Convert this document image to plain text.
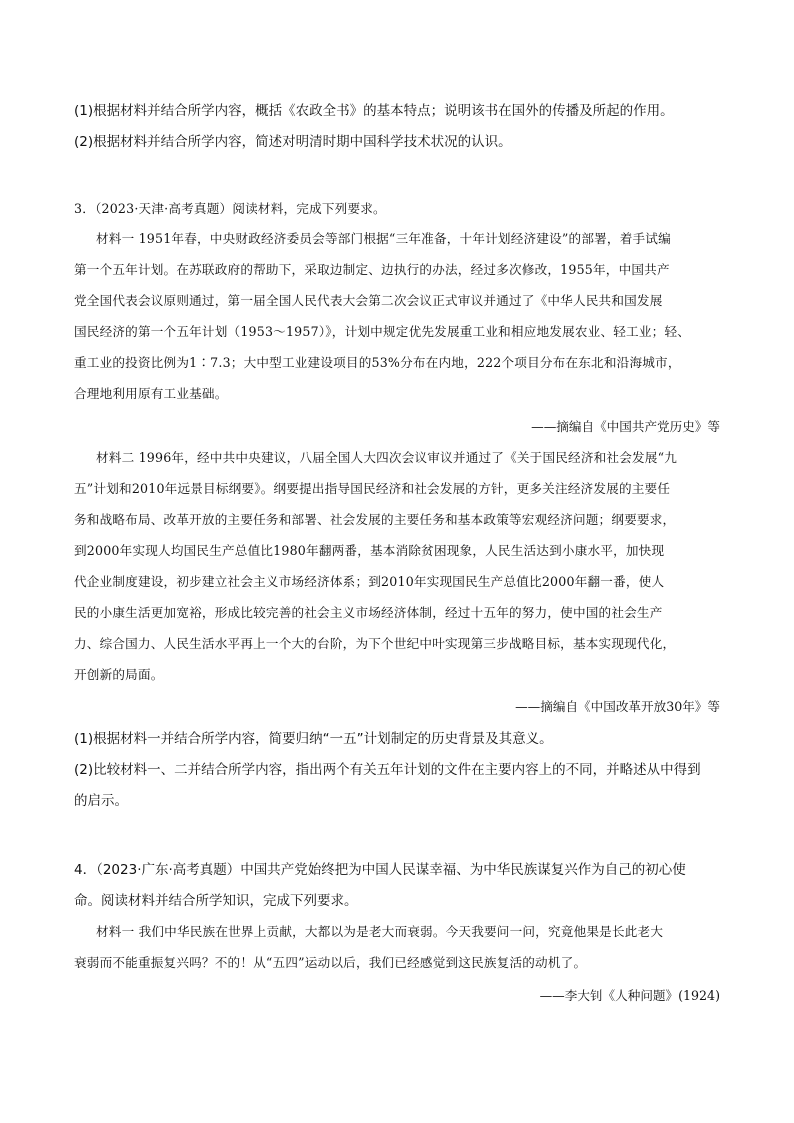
(1)根据材料并结合所学内容，概括《农政全书》的基本特点；说明该书在国外的传播及所起的作用。
(2)根据材料并结合所学内容，简述对明清时期中国科学技术状况的认识。
3．（2023·天津·高考真题）阅读材料，完成下列要求。
材料一 1951年春，中央财政经济委员会等部门根据“三年准备，十年计划经济建设”的部署，着手试编
第一个五年计划。在苏联政府的帮助下，采取边制定、边执行的办法，经过多次修改，1955年，中国共产
党全国代表会议原则通过，第一届全国人民代表大会第二次会议正式审议并通过了《中华人民共和国发展
国民经济的第一个五年计划（1953～1957）》，计划中规定优先发展重工业和相应地发展农业、轻工业；轻、
重工业的投资比例为1∶7.3；大中型工业建设项目的53%分布在内地，222个项目分布在东北和沿海城市，
合理地利用原有工业基础。
——摘编自《中国共产党历史》等
材料二 1996年，经中共中央建议，八届全国人大四次会议审议并通过了《关于国民经济和社会发展“九
五”计划和2010年远景目标纲要》。纲要提出指导国民经济和社会发展的方针，更多关注经济发展的主要任
务和战略布局、改革开放的主要任务和部署、社会发展的主要任务和基本政策等宏观经济问题；纲要要求，
到2000年实现人均国民生产总值比1980年翻两番，基本消除贫困现象，人民生活达到小康水平，加快现
代企业制度建设，初步建立社会主义市场经济体系；到2010年实现国民生产总值比2000年翻一番，使人
民的小康生活更加宽裕，形成比较完善的社会主义市场经济体制，经过十五年的努力，使中国的社会生产
力、综合国力、人民生活水平再上一个大的台阶，为下个世纪中叶实现第三步战略目标，基本实现现代化，
开创新的局面。
——摘编自《中国改革开放30年》等
(1)根据材料一并结合所学内容，简要归纳“一五”计划制定的历史背景及其意义。
(2)比较材料一、二并结合所学内容，指出两个有关五年计划的文件在主要内容上的不同，并略述从中得到
的启示。
4．（2023·广东·高考真题）中国共产党始终把为中国人民谋幸福、为中华民族谋复兴作为自己的初心使
命。阅读材料并结合所学知识，完成下列要求。
材料一 我们中华民族在世界上贡献，大都以为是老大而衰弱。今天我要问一问，究竟他果是长此老大
衰弱而不能重振复兴吗？不的！从“五四”运动以后，我们已经感觉到这民族复活的动机了。
——李大钊《人种问题》(1924)
